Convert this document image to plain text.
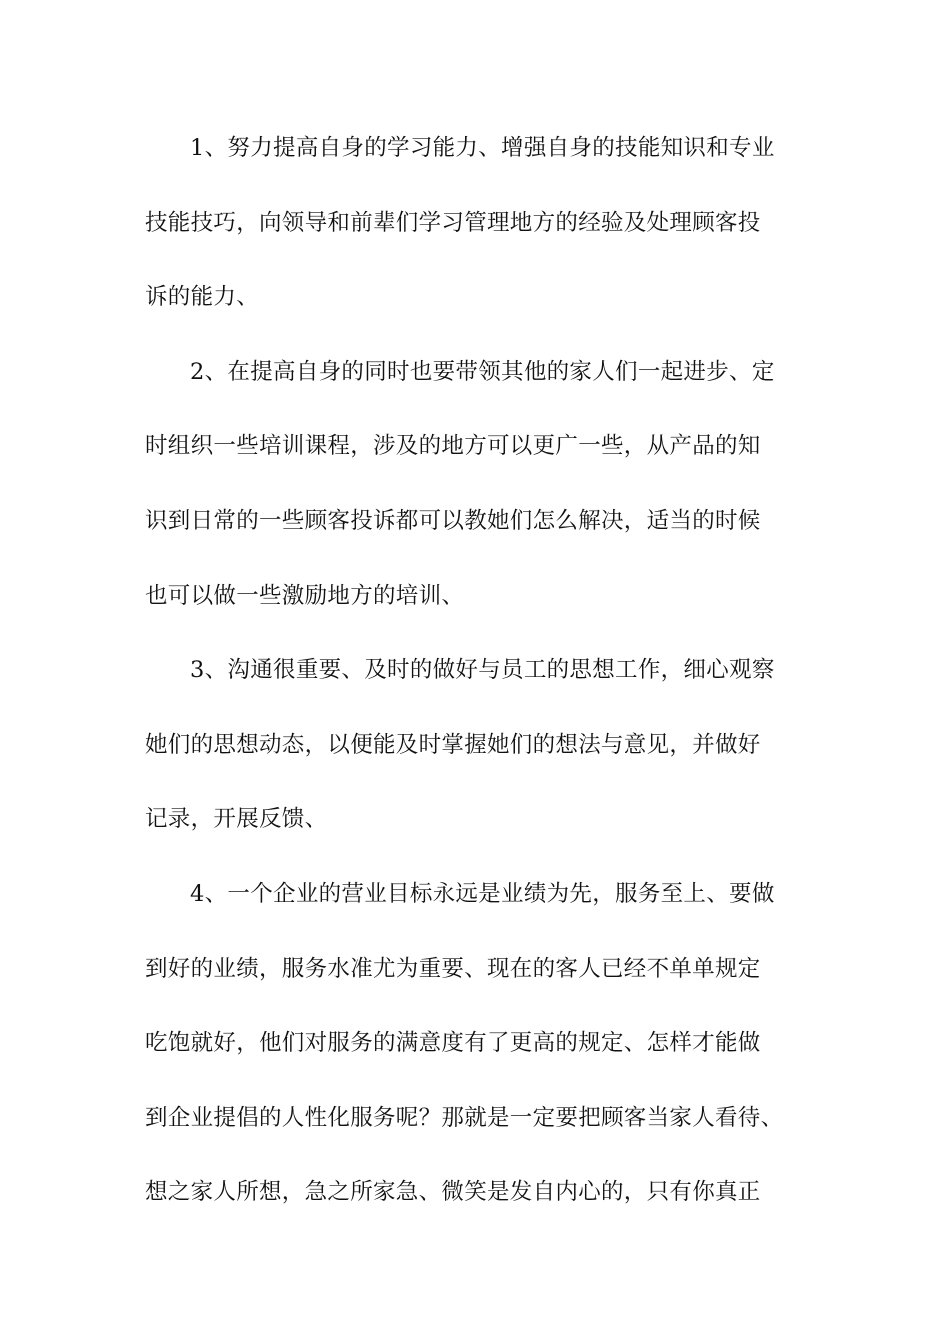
1、努力提高自身的学习能力、增强自身的技能知识和专业
技能技巧，向领导和前辈们学习管理地方的经验及处理顾客投
诉的能力、
2、在提高自身的同时也要带领其他的家人们一起进步、定
时组织一些培训课程，涉及的地方可以更广一些，从产品的知
识到日常的一些顾客投诉都可以教她们怎么解决，适当的时候
也可以做一些激励地方的培训、
3、沟通很重要、及时的做好与员工的思想工作，细心观察
她们的思想动态，以便能及时掌握她们的想法与意见，并做好
记录，开展反馈、
4、一个企业的营业目标永远是业绩为先，服务至上、要做
到好的业绩，服务水准尤为重要、现在的客人已经不单单规定
吃饱就好，他们对服务的满意度有了更高的规定、怎样才能做
到企业提倡的人性化服务呢？那就是一定要把顾客当家人看待、
想之家人所想，急之所家急、微笑是发自内心的，只有你真正
